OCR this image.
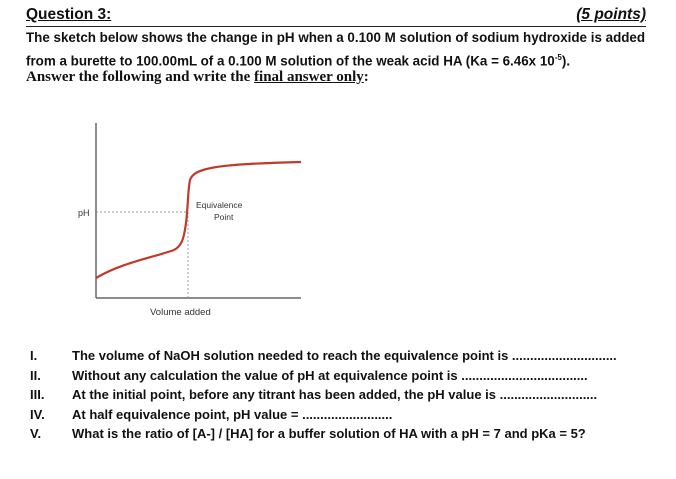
Question 3:	(5 points)

The sketch below shows the change in pH when a 0.100 M solution of sodium hydroxide is added

from a burette to 100.00mL of a 0.100 M solution of the weak acid HA (Ka = 6.46x $10^{-5}$).

Answer the following and write the final answer only:
pH
Volume added
Equivalence
Point
I.	The volume of NaOH solution needed to reach the equivalence point is .............................
II.	Without any calculation the value of pH at equivalence point is ...................................
III.	At the initial point, before any titrant has been added, the pH value is ...........................
IV.	At half equivalence point, pH value = .........................
V.	What is the ratio of [A-] / [HA] for a buffer solution of HA with a pH = 7 and pKa = 5?
